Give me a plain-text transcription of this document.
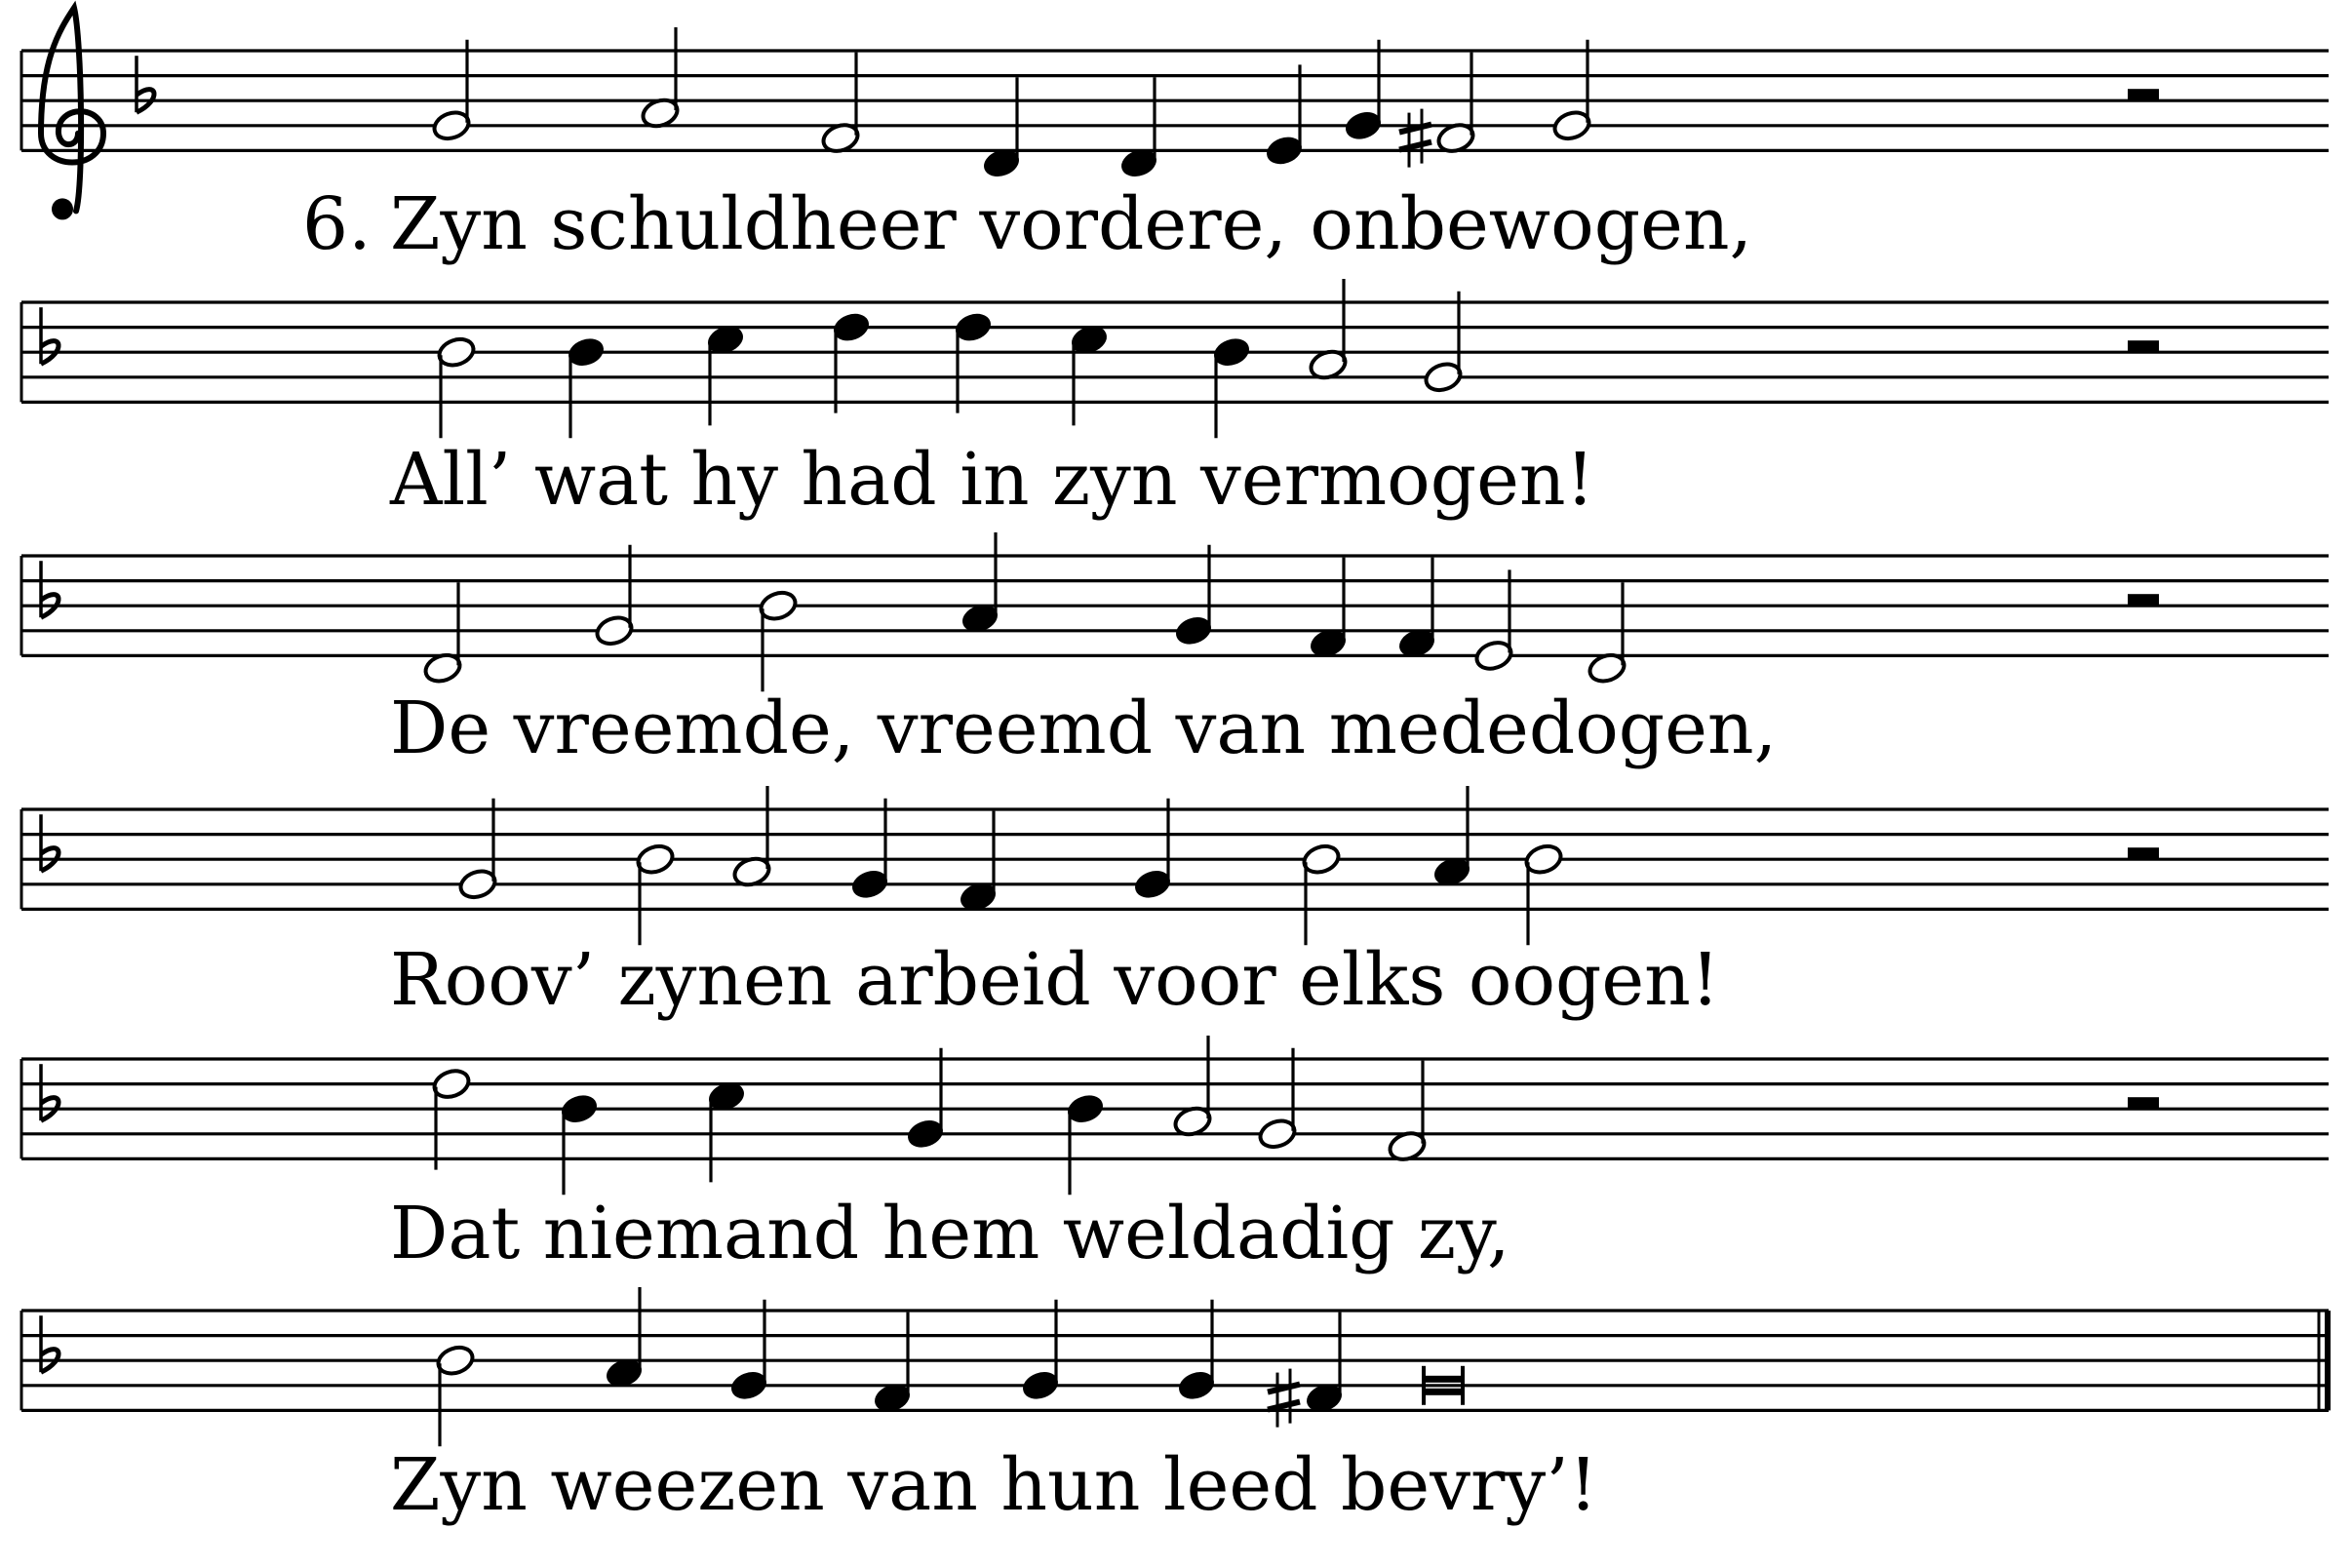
6. Zyn schuldheer vordere, onbewogen,
All’ wat hy had in zyn vermogen!
De vreemde, vreemd van mededogen,
Roov’ zynen arbeid voor elks oogen!
Dat niemand hem weldadig zy,
Zyn weezen van hun leed bevry’!
